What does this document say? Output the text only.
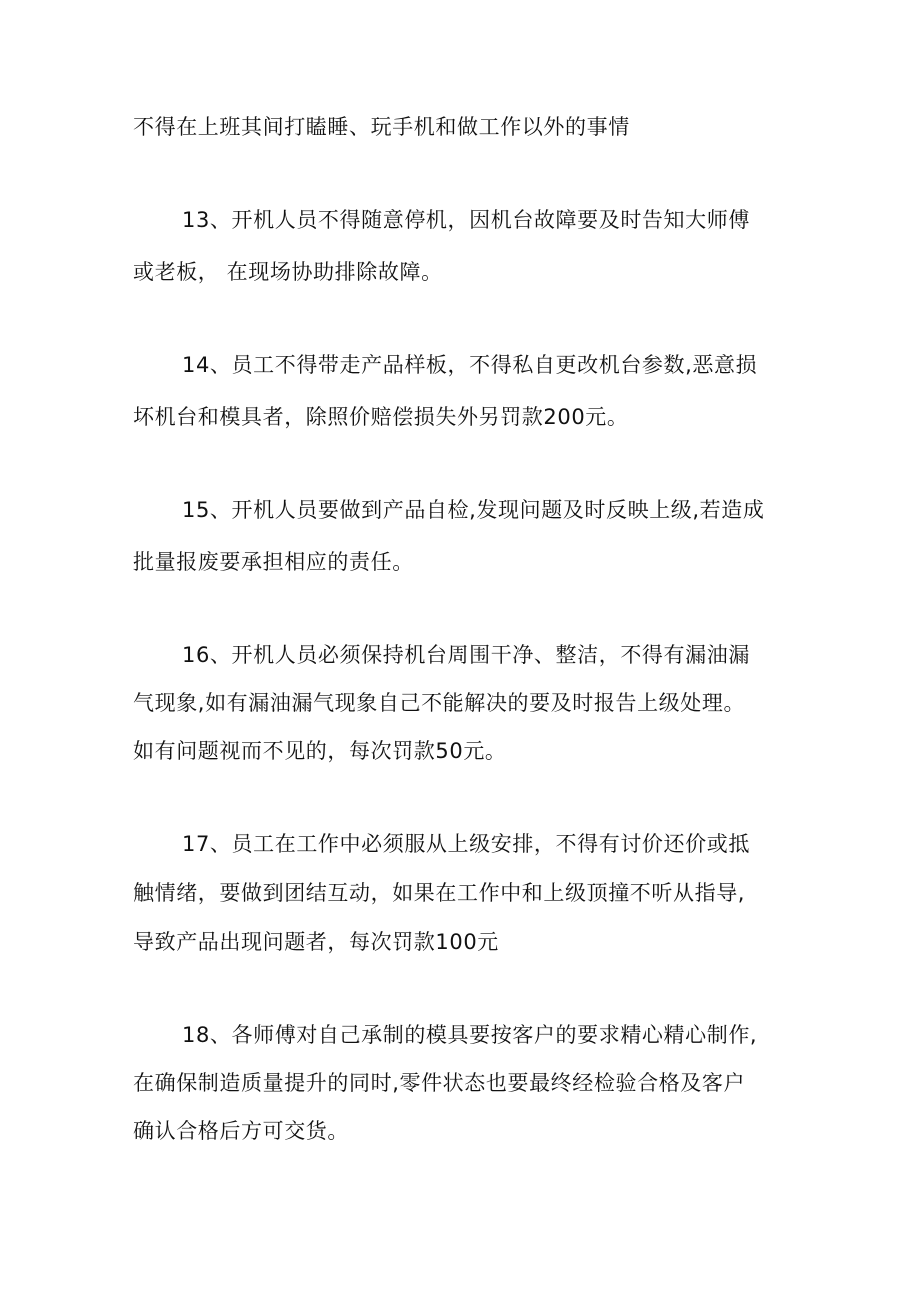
不得在上班其间打瞌睡、玩手机和做工作以外的事情

13、开机人员不得随意停机，因机台故障要及时告知大师傅

或老板， 在现场协助排除故障。

14、员工不得带走产品样板，不得私自更改机台参数,恶意损

坏机台和模具者，除照价赔偿损失外另罚款200元。

15、开机人员要做到产品自检,发现问题及时反映上级,若造成

批量报废要承担相应的责任。

16、开机人员必须保持机台周围干净、整洁，不得有漏油漏

气现象,如有漏油漏气现象自己不能解决的要及时报告上级处理。

如有问题视而不见的，每次罚款50元。

17、员工在工作中必须服从上级安排，不得有讨价还价或抵

触情绪，要做到团结互动，如果在工作中和上级顶撞不听从指导,

导致产品出现问题者，每次罚款100元

18、各师傅对自己承制的模具要按客户的要求精心精心制作,

在确保制造质量提升的同时,零件状态也要最终经检验合格及客户

确认合格后方可交货。
